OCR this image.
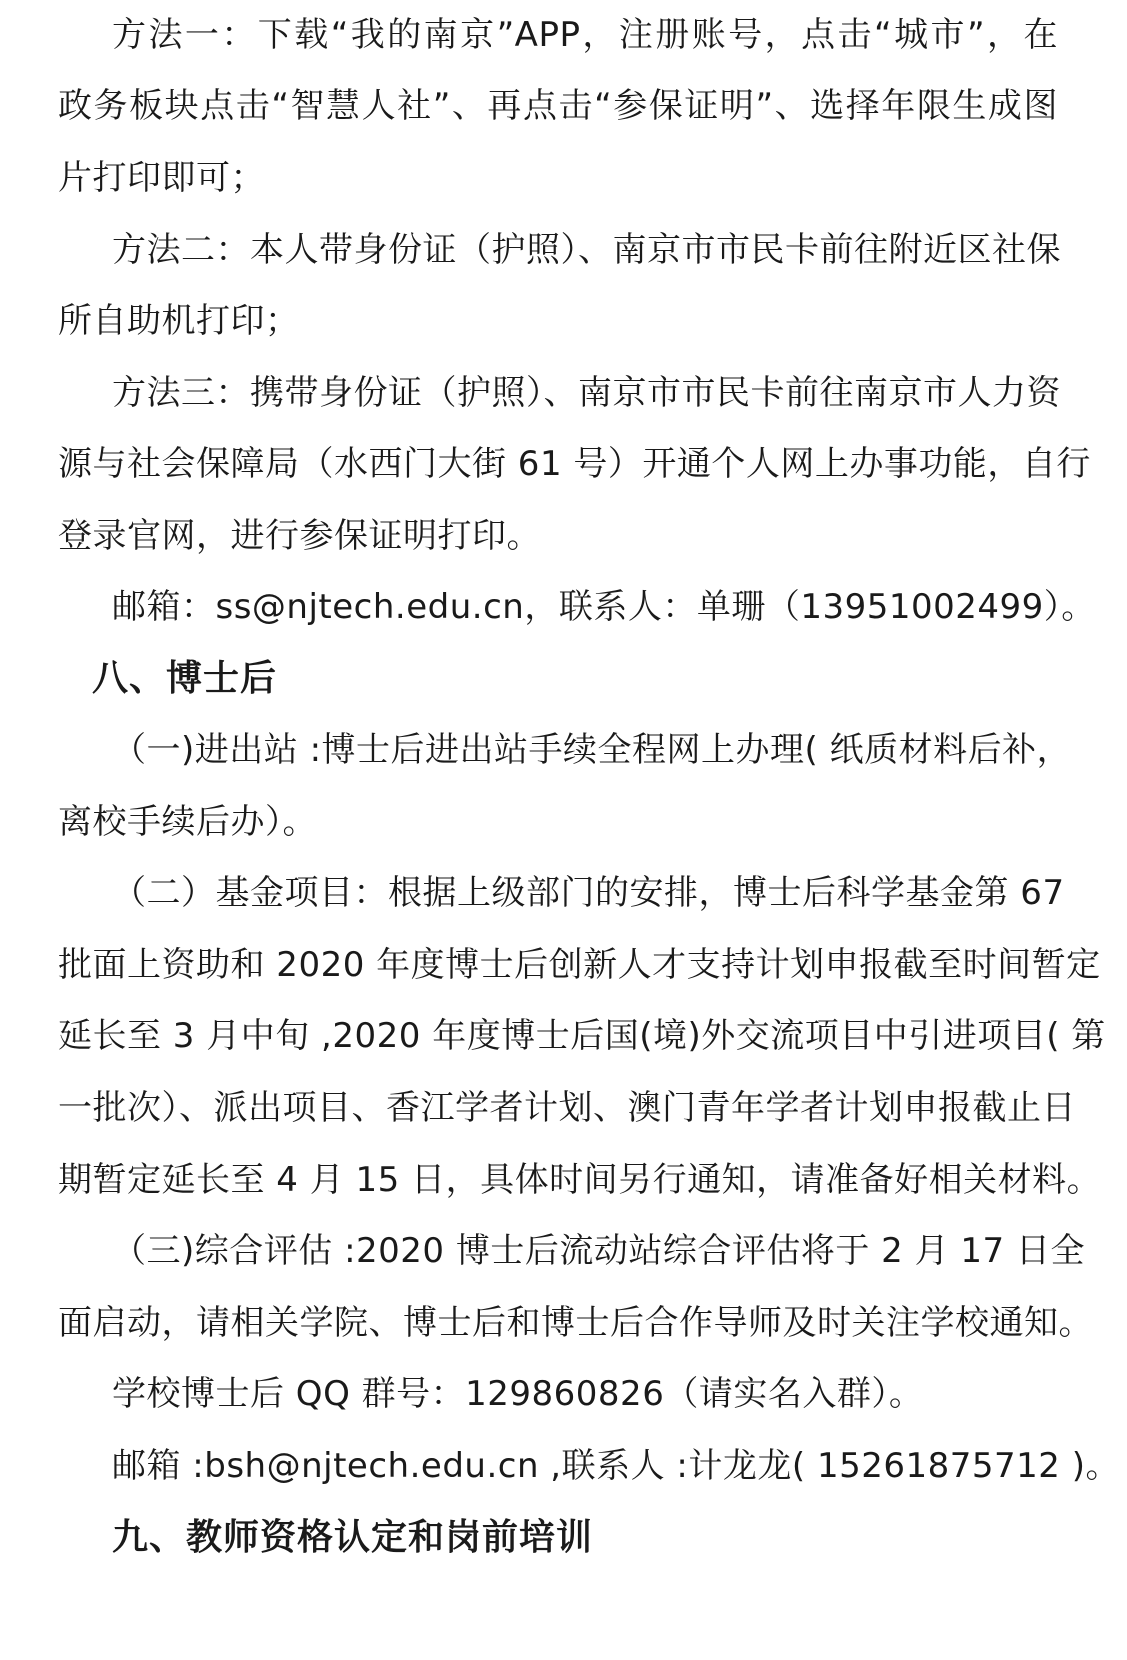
方法一：下载“我的南京”APP，注册账号，点击“城市”，在
政务板块点击“智慧人社”、再点击“参保证明”、选择年限生成图
片打印即可；
方法二：本人带身份证（护照）、南京市市民卡前往附近区社保
所自助机打印；
方法三：携带身份证（护照）、南京市市民卡前往南京市人力资
源与社会保障局（水西门大街 61 号）开通个人网上办事功能，自行
登录官网，进行参保证明打印。
邮箱：ss@njtech.edu.cn，联系人：单珊（13951002499）。
八、博士后
（一)进出站 :博士后进出站手续全程网上办理( 纸质材料后补，
离校手续后办）。
（二）基金项目：根据上级部门的安排，博士后科学基金第 67
批面上资助和 2020 年度博士后创新人才支持计划申报截至时间暂定
延长至 3 月中旬 ,2020 年度博士后国(境)外交流项目中引进项目( 第
一批次）、派出项目、香江学者计划、澳门青年学者计划申报截止日
期暂定延长至 4 月 15 日，具体时间另行通知，请准备好相关材料。
（三)综合评估 :2020 博士后流动站综合评估将于 2 月 17 日全
面启动，请相关学院、博士后和博士后合作导师及时关注学校通知。
学校博士后 QQ 群号：129860826（请实名入群）。
邮箱 :bsh@njtech.edu.cn ,联系人 :计龙龙( 15261875712 )。
九、教师资格认定和岗前培训
